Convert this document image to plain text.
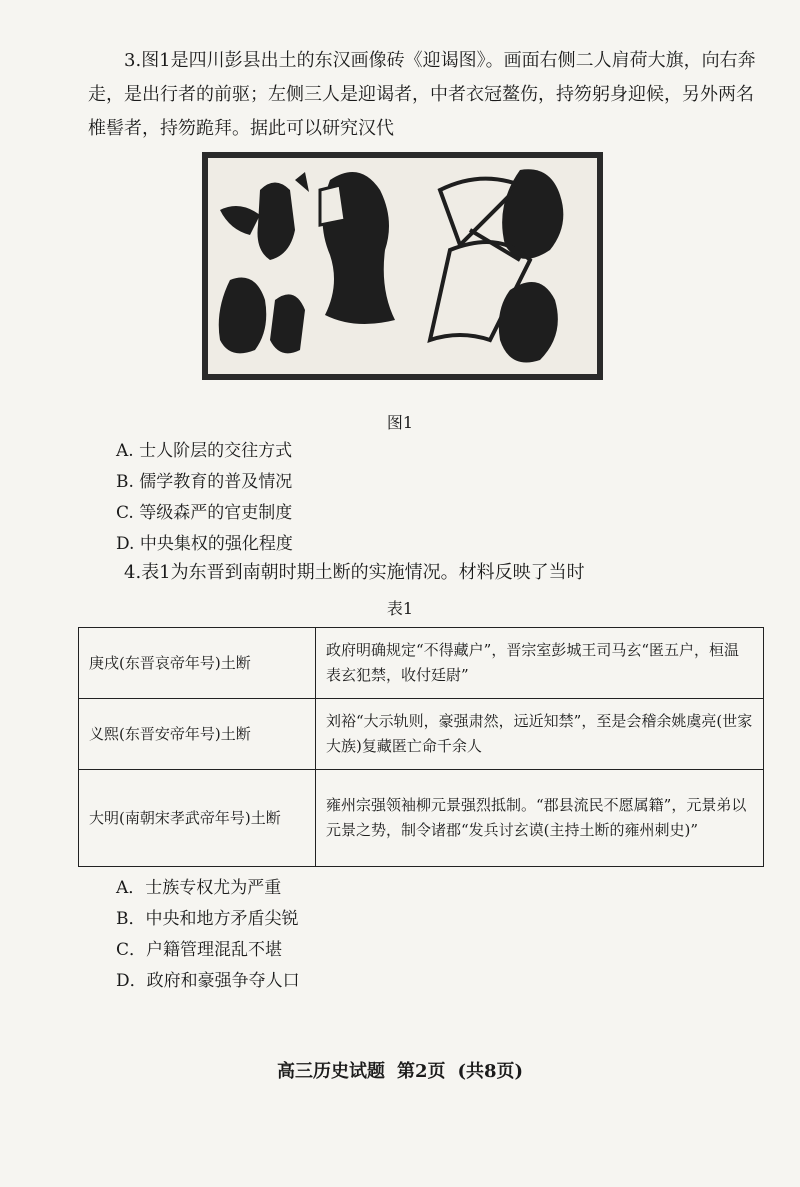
3.图1是四川彭县出土的东汉画像砖《迎谒图》。画面右侧二人肩荷大旗，向右奔走，是出行者的前驱；左侧三人是迎谒者，中者衣冠鳌伤，持笏躬身迎候，另外两名椎髻者，持笏跪拜。据此可以研究汉代

图1
A. 士人阶层的交往方式
B. 儒学教育的普及情况
C. 等级森严的官吏制度
D. 中央集权的强化程度

4.表1为东晋到南朝时期土断的实施情况。材料反映了当时

表1
庚戌(东晋哀帝年号)土断	政府明确规定“不得藏户”，晋宗室彭城王司马玄“匿五户，桓温表玄犯禁，收付廷尉”
义熙(东晋安帝年号)土断	刘裕“大示轨则，豪强肃然，远近知禁”，至是会稽余姚虞亮(世家大族)复藏匿亡命千余人
大明(南朝宋孝武帝年号)土断	雍州宗强领袖柳元景强烈抵制。“郡县流民不愿属籍”，元景弟以元景之势，制令诸郡“发兵讨玄谟(主持土断的雍州刺史)”
A．士族专权尤为严重
B．中央和地方矛盾尖锐
C．户籍管理混乱不堪
D．政府和豪强争夺人口
高三历史试题 第2页 (共8页)
